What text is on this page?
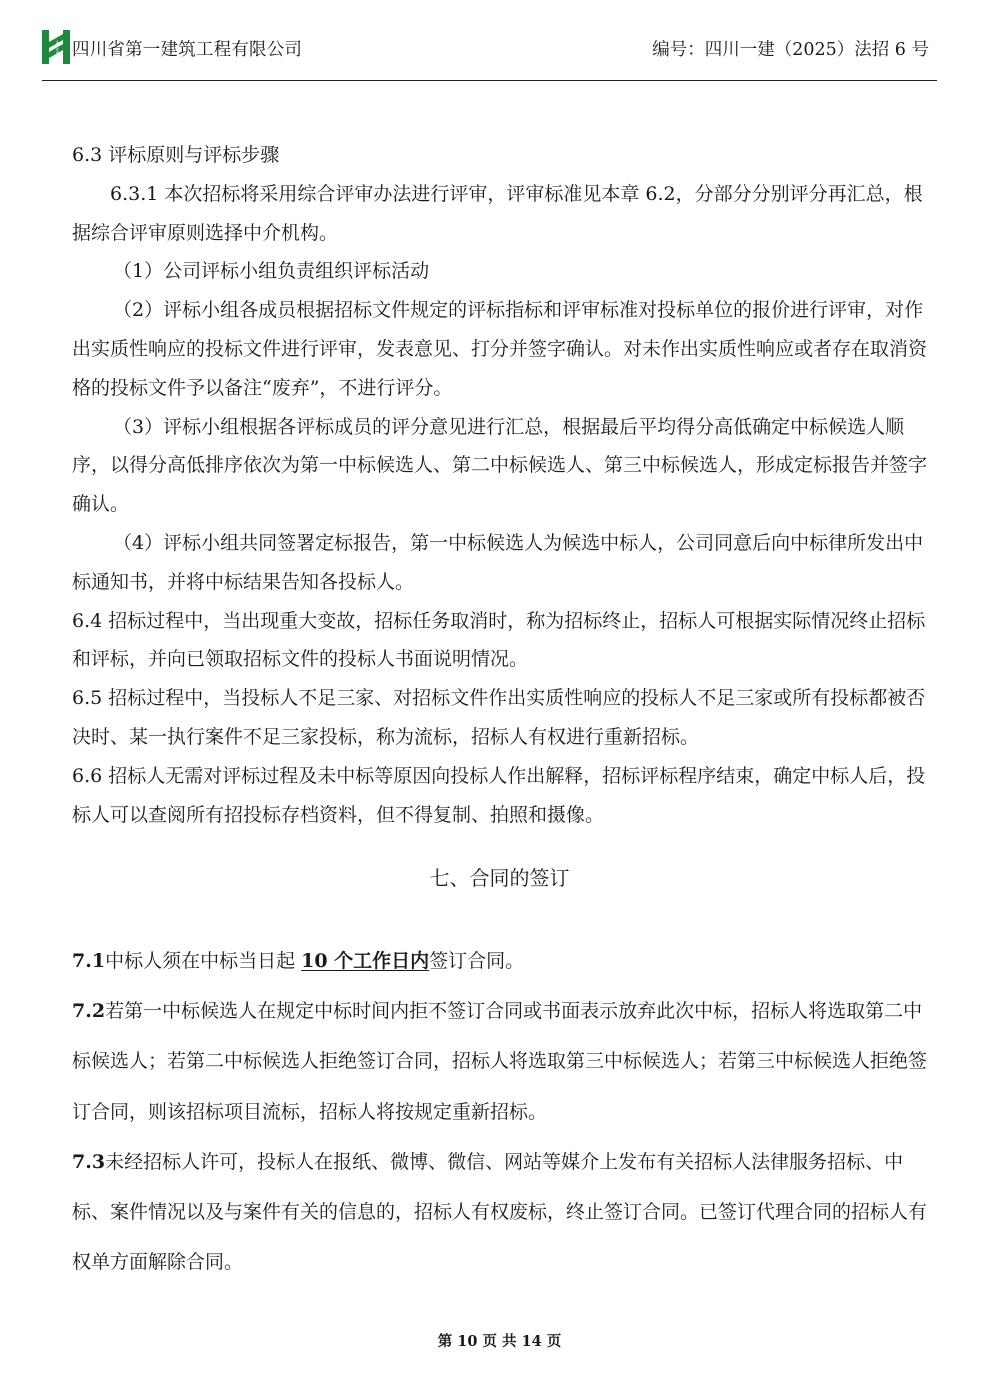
HUASHI 四川省第一建筑工程有限公司	编号：四川一建（2025）法招 6 号

6.3 评标原则与评标步骤

6.3.1 本次招标将采用综合评审办法进行评审，评审标准见本章 6.2，分部分分别评分再汇总，根据综合评审原则选择中介机构。

（1）公司评标小组负责组织评标活动

（2）评标小组各成员根据招标文件规定的评标指标和评审标准对投标单位的报价进行评审，对作出实质性响应的投标文件进行评审，发表意见、打分并签字确认。对未作出实质性响应或者存在取消资格的投标文件予以备注“废弃”，不进行评分。

（3）评标小组根据各评标成员的评分意见进行汇总，根据最后平均得分高低确定中标候选人顺序，以得分高低排序依次为第一中标候选人、第二中标候选人、第三中标候选人，形成定标报告并签字确认。

（4）评标小组共同签署定标报告，第一中标候选人为候选中标人，公司同意后向中标律所发出中标通知书，并将中标结果告知各投标人。

6.4 招标过程中，当出现重大变故，招标任务取消时，称为招标终止，招标人可根据实际情况终止招标和评标，并向已领取招标文件的投标人书面说明情况。

6.5 招标过程中，当投标人不足三家、对招标文件作出实质性响应的投标人不足三家或所有投标都被否决时、某一执行案件不足三家投标，称为流标，招标人有权进行重新招标。

6.6 招标人无需对评标过程及未中标等原因向投标人作出解释，招标评标程序结束，确定中标人后，投标人可以查阅所有招投标存档资料，但不得复制、拍照和摄像。

七、合同的签订

7.1中标人须在中标当日起 10 个工作日内签订合同。

7.2若第一中标候选人在规定中标时间内拒不签订合同或书面表示放弃此次中标，招标人将选取第二中标候选人；若第二中标候选人拒绝签订合同，招标人将选取第三中标候选人；若第三中标候选人拒绝签订合同，则该招标项目流标，招标人将按规定重新招标。

7.3未经招标人许可，投标人在报纸、微博、微信、网站等媒介上发布有关招标人法律服务招标、中标、案件情况以及与案件有关的信息的，招标人有权废标，终止签订合同。已签订代理合同的招标人有权单方面解除合同。

第 10 页 共 14 页
